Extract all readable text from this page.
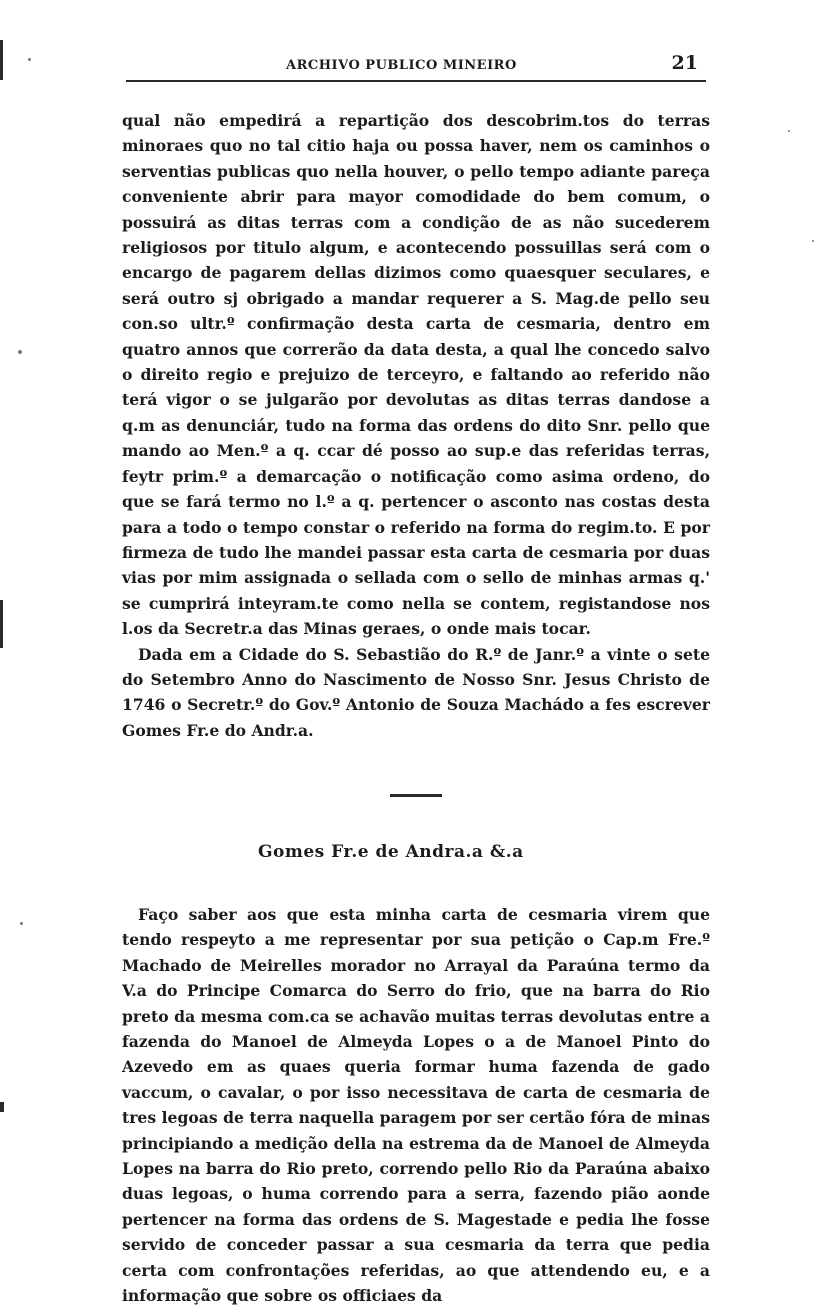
ARCHIVO PUBLICO MINEIRO	21

qual não empedirá a repartição dos descobrim.tos do terras minoraes quo no tal citio haja ou possa haver, nem os caminhos o serventias publicas quo nella houver, o pello tempo adiante pareça conveniente abrir para mayor comodidade do bem comum, o possuirá as ditas terras com a condição de as não sucederem religiosos por titulo algum, e acontecendo possuillas será com o encargo de pagarem dellas dizimos como quaesquer seculares, e será outro sj obrigado a mandar requerer a S. Mag.de pello seu con.so ultr.º confirmação desta carta de cesmaria, dentro em quatro annos que correrão da data desta, a qual lhe concedo salvo o direito regio e prejuizo de terceyro, e faltando ao referido não terá vigor o se julgarão por devolutas as ditas terras dandose a q.m as denunciár, tudo na forma das ordens do dito Snr. pello que mando ao Men.º a q. ccar dé posso ao sup.e das referidas terras, feytr prim.º a demarcação o notificação como asima ordeno, do que se fará termo no l.º a q. pertencer o asconto nas costas desta para a todo o tempo constar o referido na forma do regim.to. E por firmeza de tudo lhe mandei passar esta carta de cesmaria por duas vias por mim assignada o sellada com o sello de minhas armas q.' se cumprirá inteyram.te como nella se contem, registandose nos l.os da Secretr.a das Minas geraes, o onde mais tocar.

Dada em a Cidade do S. Sebastião do R.º de Janr.º a vinte o sete do Setembro Anno do Nascimento de Nosso Snr. Jesus Christo de 1746 o Secretr.º do Gov.º Antonio de Souza Machádo a fes escrever Gomes Fr.e do Andr.a.

Gomes Fr.e de Andra.a &.a

Faço saber aos que esta minha carta de cesmaria virem que tendo respeyto a me representar por sua petição o Cap.m Fre.º Machado de Meirelles morador no Arrayal da Paraúna termo da V.a do Principe Comarca do Serro do frio, que na barra do Rio preto da mesma com.ca se achavão muitas terras devolutas entre a fazenda do Manoel de Almeyda Lopes o a de Manoel Pinto do Azevedo em as quaes queria formar huma fazenda de gado vaccum, o cavalar, o por isso necessitava de carta de cesmaria de tres legoas de terra naquella paragem por ser certão fóra de minas principiando a medição della na estrema da de Manoel de Almeyda Lopes na barra do Rio preto, correndo pello Rio da Paraúna abaixo duas legoas, o huma correndo para a serra, fazendo pião aonde pertencer na forma das ordens de S. Magestade e pedia lhe fosse servido de conceder passar a sua cesmaria da terra que pedia certa com confrontações referidas, ao que attendendo eu, e a informação que sobre os officiaes da
